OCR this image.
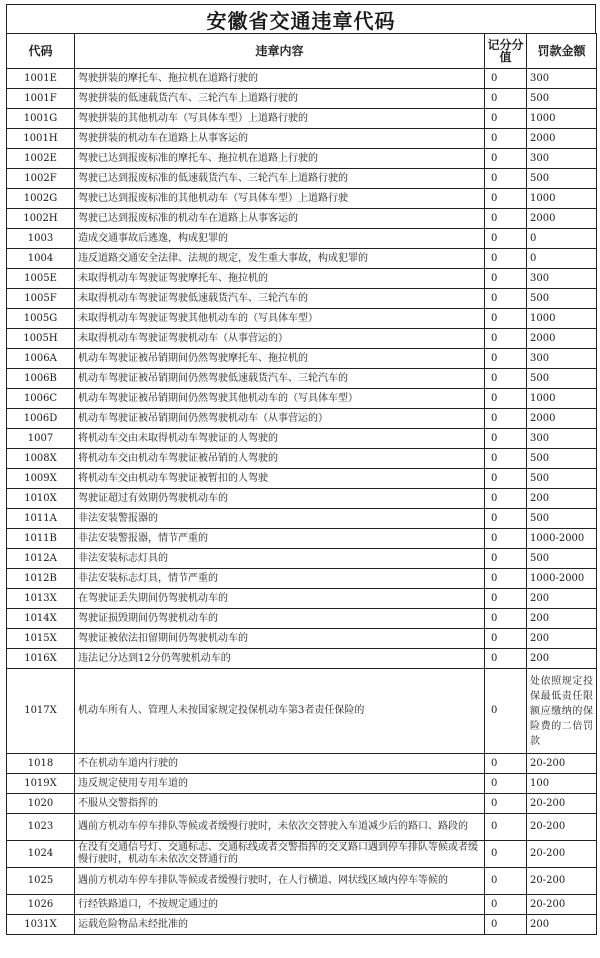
安徽省交通违章代码
代码	违章内容	记分分值	罚款金额
1001E	驾驶拼装的摩托车、拖拉机在道路行驶的	0	300
1001F	驾驶拼装的低速载货汽车、三轮汽车上道路行驶的	0	500
1001G	驾驶拼装的其他机动车（写具体车型）上道路行驶的	0	1000
1001H	驾驶拼装的机动车在道路上从事客运的	0	2000
1002E	驾驶已达到报废标准的摩托车、拖拉机在道路上行驶的	0	300
1002F	驾驶已达到报废标准的低速载货汽车、三轮汽车上道路行驶的	0	500
1002G	驾驶已达到报废标准的其他机动车（写具体车型）上道路行驶	0	1000
1002H	驾驶已达到报废标准的机动车在道路上从事客运的	0	2000
1003	造成交通事故后逃逸，构成犯罪的	0	0
1004	违反道路交通安全法律、法规的规定，发生重大事故，构成犯罪的	0	0
1005E	未取得机动车驾驶证驾驶摩托车、拖拉机的	0	300
1005F	未取得机动车驾驶证驾驶低速载货汽车、三轮汽车的	0	500
1005G	未取得机动车驾驶证驾驶其他机动车的（写具体车型）	0	1000
1005H	未取得机动车驾驶证驾驶机动车（从事营运的）	0	2000
1006A	机动车驾驶证被吊销期间仍然驾驶摩托车、拖拉机的	0	300
1006B	机动车驾驶证被吊销期间仍然驾驶低速载货汽车、三轮汽车的	0	500
1006C	机动车驾驶证被吊销期间仍然驾驶其他机动车的（写具体车型）	0	1000
1006D	机动车驾驶证被吊销期间仍然驾驶机动车（从事营运的）	0	2000
1007	将机动车交由未取得机动车驾驶证的人驾驶的	0	300
1008X	将机动车交由机动车驾驶证被吊销的人驾驶的	0	500
1009X	将机动车交由机动车驾驶证被暂扣的人驾驶	0	500
1010X	驾驶证超过有效期仍驾驶机动车的	0	200
1011A	非法安装警报器的	0	500
1011B	非法安装警报器，情节严重的	0	1000-2000
1012A	非法安装标志灯具的	0	500
1012B	非法安装标志灯具，情节严重的	0	1000-2000
1013X	在驾驶证丢失期间仍驾驶机动车的	0	200
1014X	驾驶证损毁期间仍驾驶机动车的	0	200
1015X	驾驶证被依法扣留期间仍驾驶机动车的	0	200
1016X	违法记分达到12分仍驾驶机动车的	0	200
1017X	机动车所有人、管理人未按国家规定投保机动车第3者责任保险的	0	处依照规定投保最低责任限额应缴纳的保险费的二倍罚款
1018	不在机动车道内行驶的	0	20-200
1019X	违反规定使用专用车道的	0	100
1020	不服从交警指挥的	0	20-200
1023	遇前方机动车停车排队等候或者缓慢行驶时，未依次交替驶入车道减少后的路口、路段的	0	20-200
1024	在没有交通信号灯、交通标志、交通标线或者交警指挥的交叉路口遇到停车排队等候或者缓慢行驶时，机动车未依次交替通行的	0	20-200
1025	遇前方机动车停车排队等候或者缓慢行驶时，在人行横道、网状线区域内停车等候的	0	20-200
1026	行经铁路道口，不按规定通过的	0	20-200
1031X	运载危险物品未经批准的	0	200
